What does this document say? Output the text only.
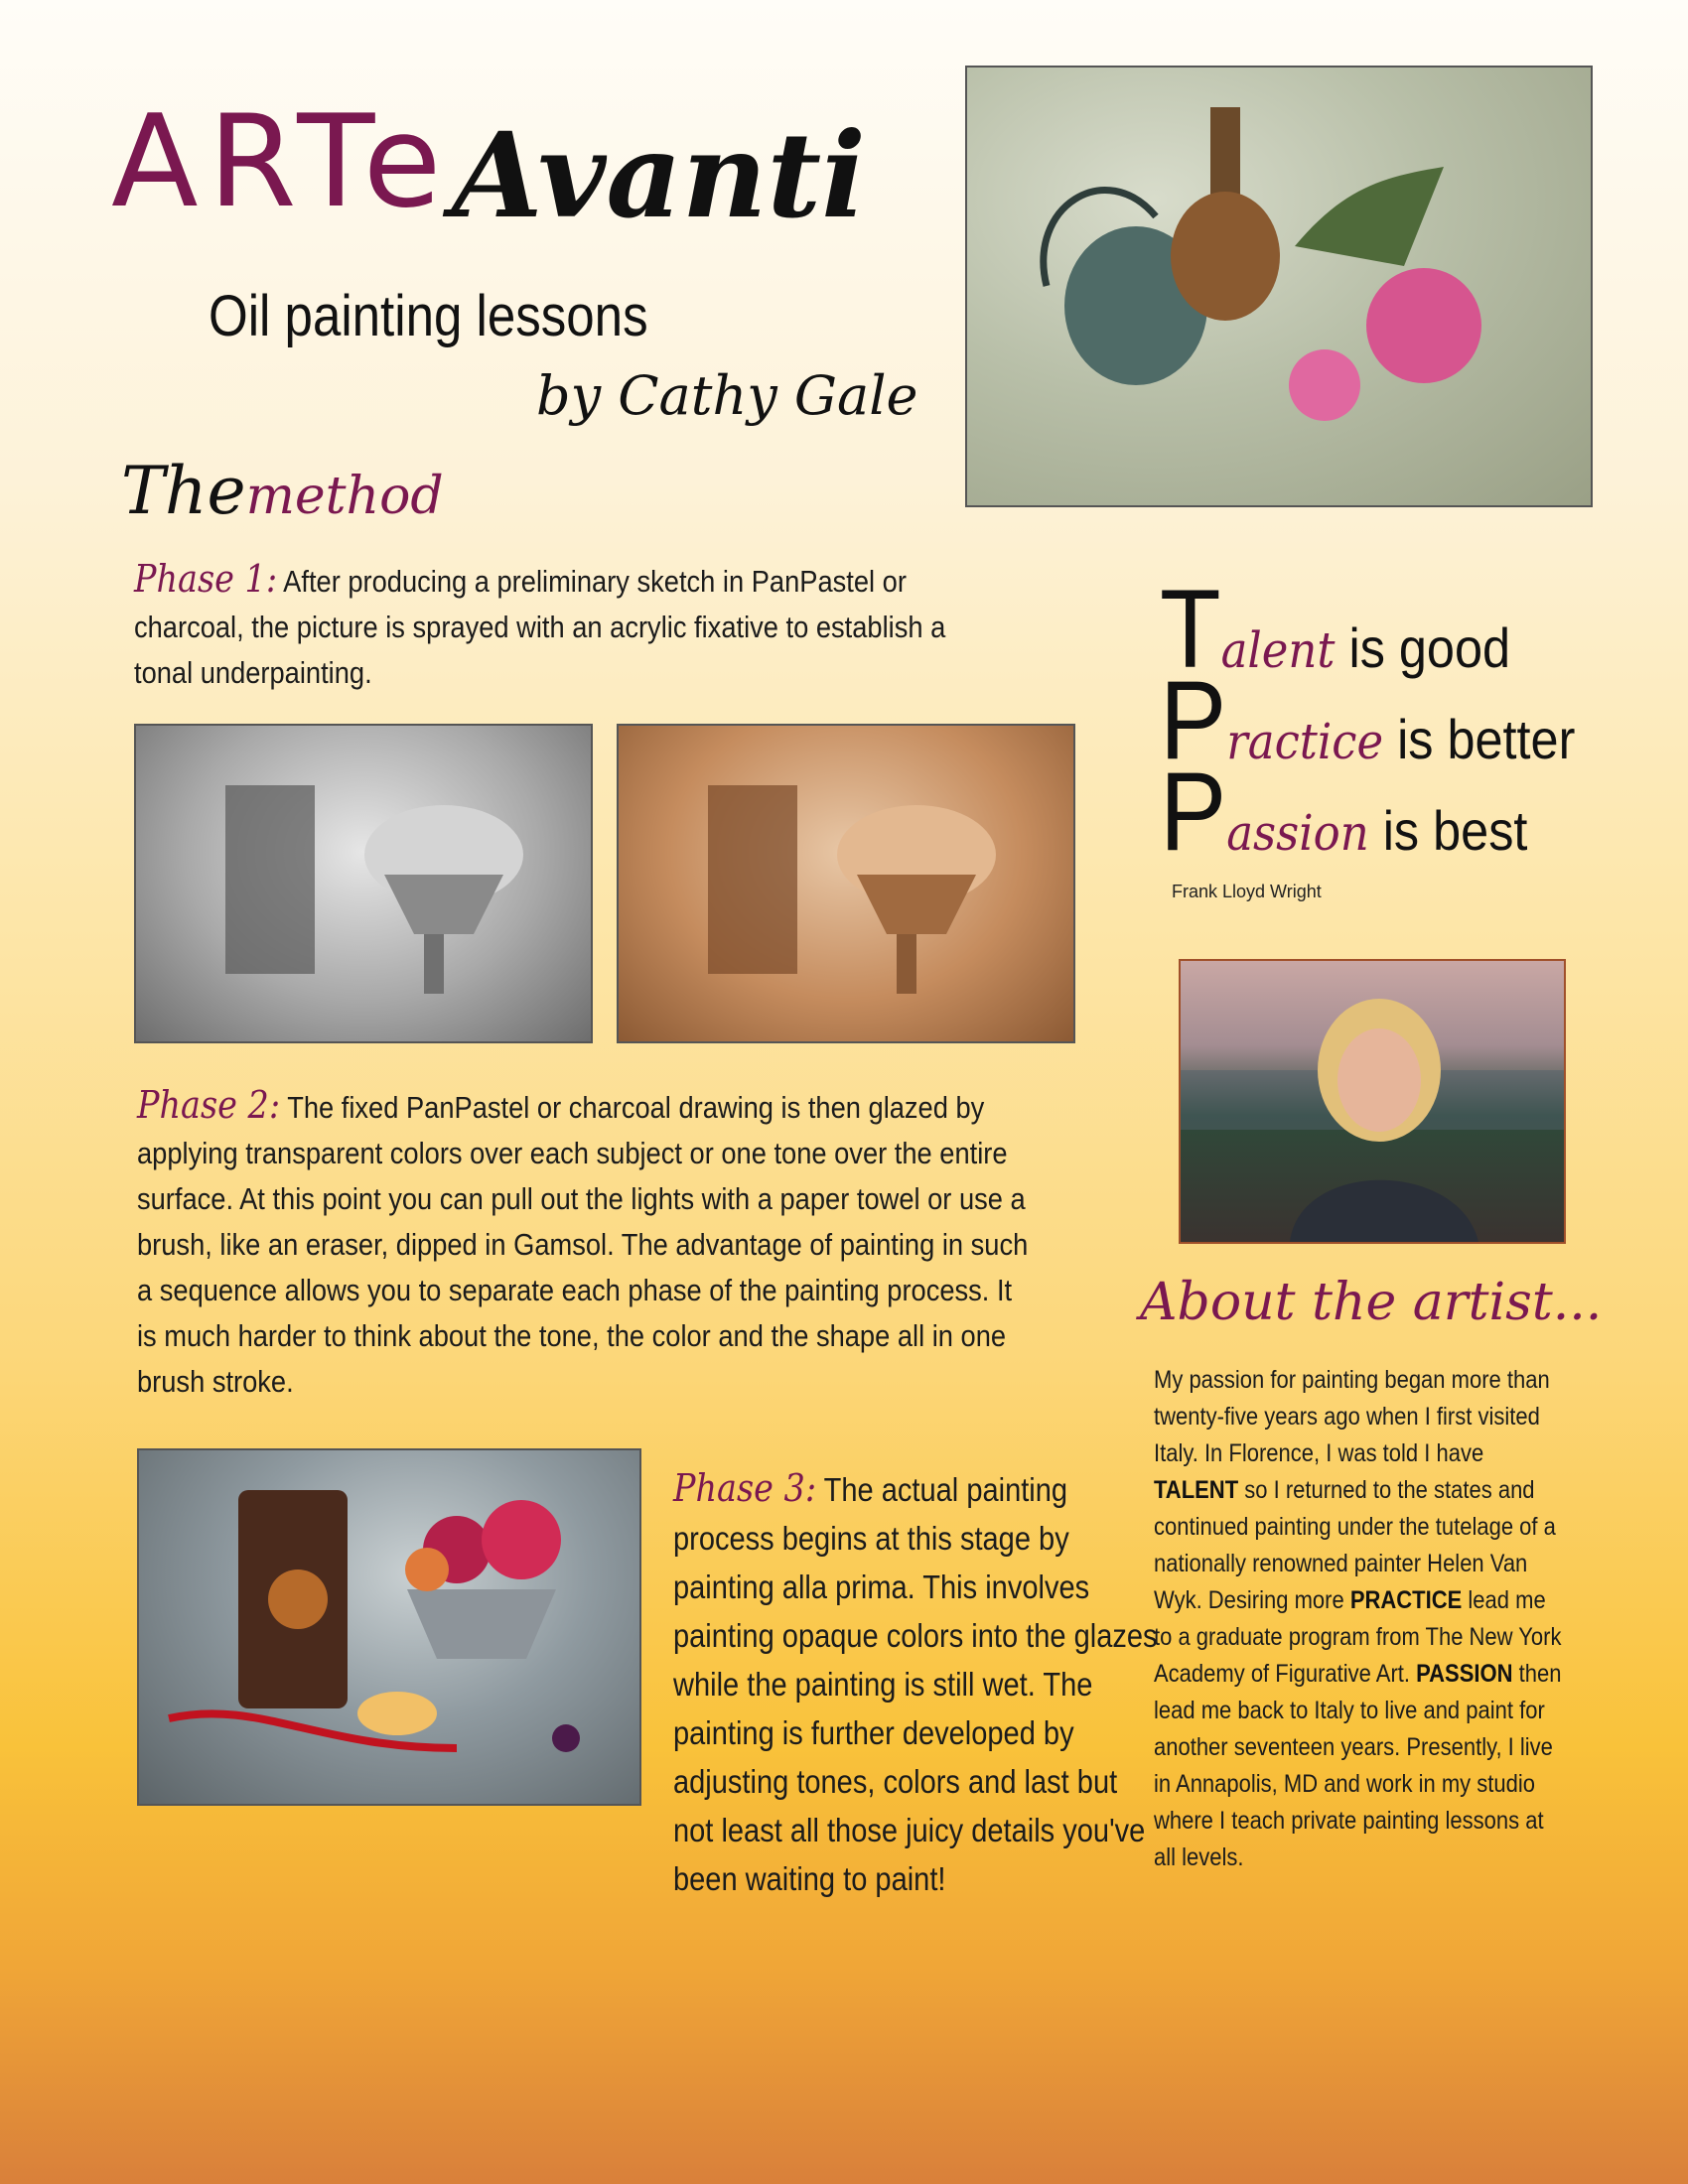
ARTe Avanti
Oil painting lessons
by Cathy Gale
Themethod
Phase 1: After producing a preliminary sketch in PanPastel or charcoal, the picture is sprayed with an acrylic fixative to establish a tonal underpainting.
Phase 2: The fixed PanPastel or charcoal drawing is then glazed by applying transparent colors over each subject or one tone over the entire surface. At this point you can pull out the lights with a paper towel or use a brush, like an eraser, dipped in Gamsol. The advantage of painting in such a sequence allows you to separate each phase of the painting process. It is much harder to think about the tone, the color and the shape all in one brush stroke.
Phase 3: The actual painting process begins at this stage by painting alla prima. This involves painting opaque colors into the glazes while the painting is still wet. The painting is further developed by adjusting tones, colors and last but not least all those juicy details you've been waiting to paint!
Talent is good
Practice is better
Passion is best
Frank Lloyd Wright
About the artist...
My passion for painting began more than twenty-five years ago when I first visited Italy. In Florence, I was told I have TALENT so I returned to the states and continued painting under the tutelage of a nationally renowned painter Helen Van Wyk. Desiring more PRACTICE lead me to a graduate program from The New York Academy of Figurative Art. PASSION then lead me back to Italy to live and paint for another seventeen years. Presently, I live in Annapolis, MD and work in my studio where I teach private painting lessons at all levels.
